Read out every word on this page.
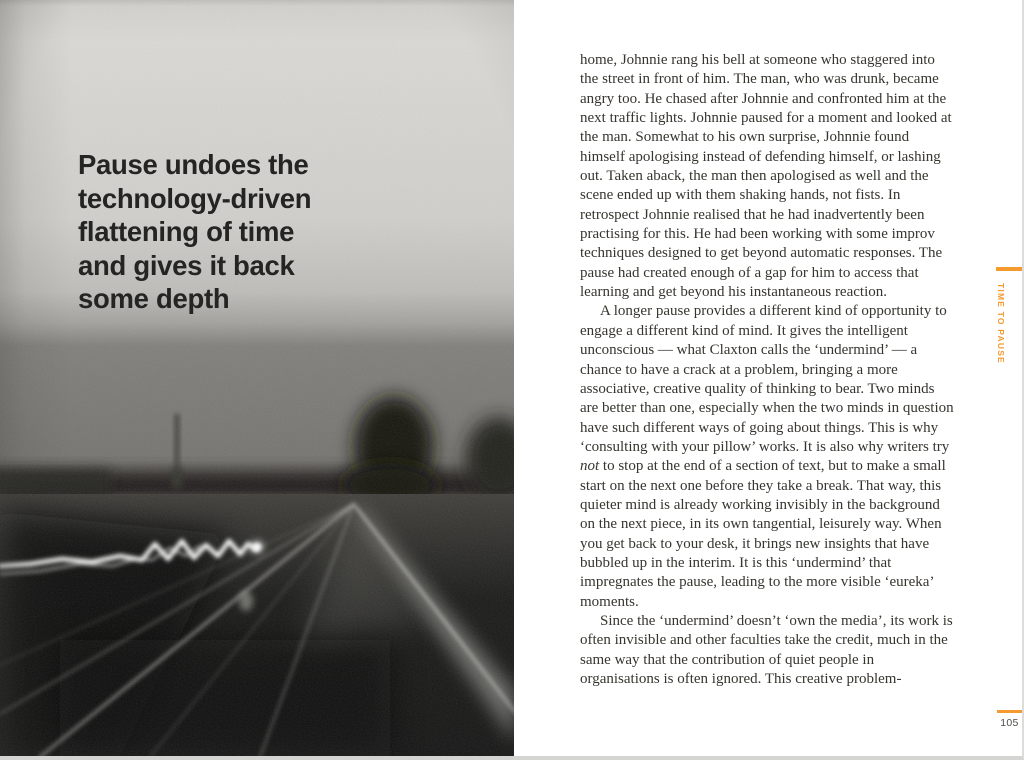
Pause undoes the
technology-driven
flattening of time
and gives it back
some depth

home, Johnnie rang his bell at someone who staggered into the street in front of him. The man, who was drunk, became angry too. He chased after Johnnie and confronted him at the next traffic lights. Johnnie paused for a moment and looked at the man. Somewhat to his own surprise, Johnnie found himself apologising instead of defending himself, or lashing out. Taken aback, the man then apologised as well and the scene ended up with them shaking hands, not fists. In retrospect Johnnie realised that he had inadvertently been practising for this. He had been working with some improv techniques designed to get beyond automatic responses. The pause had created enough of a gap for him to access that learning and get beyond his instantaneous reaction.

A longer pause provides a different kind of opportunity to engage a different kind of mind. It gives the intelligent unconscious — what Claxton calls the ‘undermind’ — a chance to have a crack at a problem, bringing a more associative, creative quality of thinking to bear. Two minds are better than one, especially when the two minds in question have such different ways of going about things. This is why ‘consulting with your pillow’ works. It is also why writers try not to stop at the end of a section of text, but to make a small start on the next one before they take a break. That way, this quieter mind is already working invisibly in the background on the next piece, in its own tangential, leisurely way. When you get back to your desk, it brings new insights that have bubbled up in the interim. It is this ‘undermind’ that impregnates the pause, leading to the more visible ‘eureka’ moments.

Since the ‘undermind’ doesn’t ‘own the media’, its work is often invisible and other faculties take the credit, much in the same way that the contribution of quiet people in organisations is often ignored. This creative problem-

TIME TO PAUSE
105
